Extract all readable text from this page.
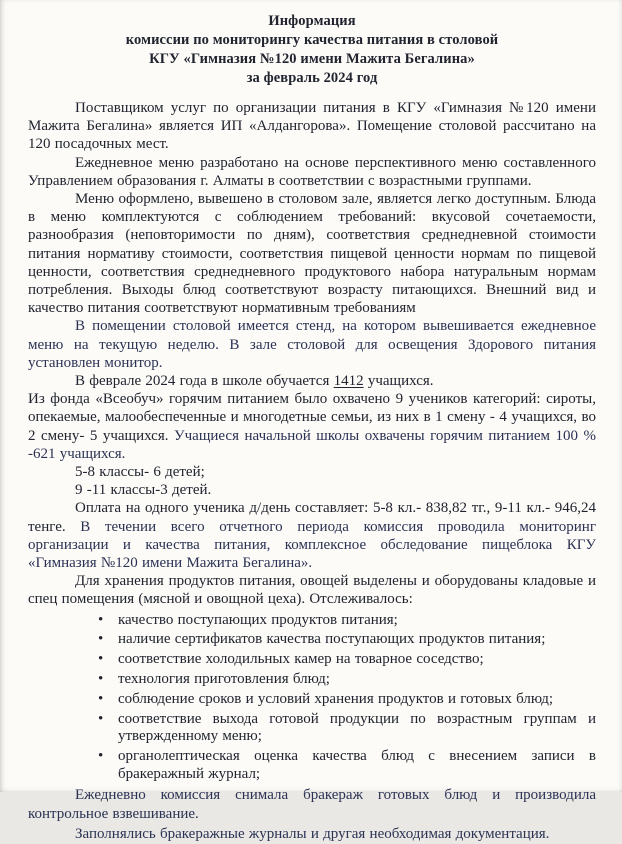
Информация
комиссии по мониторингу качества питания в столовой
КГУ «Гимназия №120 имени Мажита Бегалина»
за февраль 2024 год

Поставщиком услуг по организации питания в КГУ «Гимназия №120 имени Мажита Бегалина» является ИП «Алдангорова». Помещение столовой рассчитано на 120 посадочных мест.

Ежедневное меню разработано на основе перспективного меню составленного Управлением образования г. Алматы в соответствии с возрастными группами.

Меню оформлено, вывешено в столовом зале, является легко доступным. Блюда в меню комплектуются с соблюдением требований: вкусовой сочетаемости, разнообразия (неповторимости по дням), соответствия среднедневной стоимости питания нормативу стоимости, соответствия пищевой ценности нормам по пищевой ценности, соответствия среднедневного продуктового набора натуральным нормам потребления. Выходы блюд соответствуют возрасту питающихся. Внешний вид и качество питания соответствуют нормативным требованиям

В помещении столовой имеется стенд, на котором вывешивается ежедневное меню на текущую неделю. В зале столовой для освещения Здорового питания установлен монитор.

В феврале 2024 года в школе обучается 1412 учащихся.

Из фонда «Всеобуч» горячим питанием было охвачено 9 учеников категорий: сироты, опекаемые, малообеспеченные и многодетные семьи, из них в 1 смену - 4 учащихся, во 2 смену- 5 учащихся. Учащиеся начальной школы охвачены горячим питанием 100 % -621 учащихся.

5-8 классы- 6 детей;

9 -11 классы-3 детей.

Оплата на одного ученика д/день составляет: 5-8 кл.- 838,82 тг., 9-11 кл.- 946,24 тенге. В течении всего отчетного периода комиссия проводила мониторинг организации и качества питания, комплексное обследование пищеблока КГУ «Гимназия №120 имени Мажита Бегалина».

Для хранения продуктов питания, овощей выделены и оборудованы кладовые и спец помещения (мясной и овощной цеха). Отслеживалось:

• качество поступающих продуктов питания;
• наличие сертификатов качества поступающих продуктов питания;
• соответствие холодильных камер на товарное соседство;
• технология приготовления блюд;
• соблюдение сроков и условий хранения продуктов и готовых блюд;
• соответствие выхода готовой продукции по возрастным группам и утвержденному меню;
• органолептическая оценка качества блюд с внесением записи в бракеражный журнал;

Ежедневно комиссия снимала бракераж готовых блюд и производила контрольное взвешивание.

Заполнялись бракеражные журналы и другая необходимая документация.
